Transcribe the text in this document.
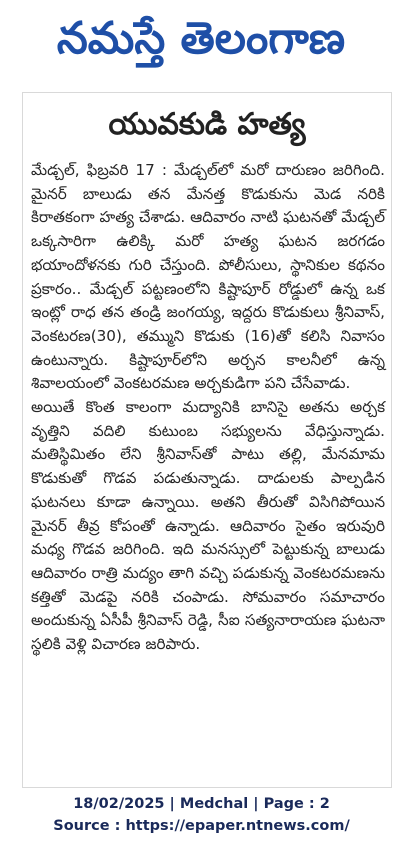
నమస్తే తెలంగాణ
యువకుడి హత్య

మేడ్చల్, ఫిబ్రవరి 17 : మేడ్చల్‌లో మరో దారుణం జరిగింది. మైనర్ బాలుడు తన మేనత్త కొడుకును మెడ నరికి కిరాతకంగా హత్య చేశాడు. ఆదివారం నాటి ఘటనతో మేడ్చల్ ఒక్కసారిగా ఉలిక్కి మరో హత్య ఘటన జరగడం భయాందోళనకు గురి చేస్తుంది. పోలీసులు, స్థానికుల కథనం ప్రకారం.. మేడ్చల్ పట్టణంలోని కిష్టాపూర్ రోడ్డులో ఉన్న ఒక ఇంట్లో రాధ తన తండ్రి జంగయ్య, ఇద్దరు కొడుకులు శ్రీనివాస్, వెంకటరణ(30), తమ్ముని కొడుకు (16)తో కలిసి నివాసం ఉంటున్నారు. కిష్టాపూర్‌లోని అర్చన కాలనీలో ఉన్న శివాలయంలో వెంకటరమణ అర్చకుడిగా పని చేసేవాడు.

అయితే కొంత కాలంగా మద్యానికి బానిసై అతను అర్చక వృత్తిని వదిలి కుటుంబ సభ్యులను వేధిస్తున్నాడు. మతిస్థిమితం లేని శ్రీనివాస్‌తో పాటు తల్లి, మేనమామ కొడుకుతో గొడవ పడుతున్నాడు. దాడులకు పాల్పడిన ఘటనలు కూడా ఉన్నాయి. అతని తీరుతో విసిగిపోయిన మైనర్ తీవ్ర కోపంతో ఉన్నాడు. ఆదివారం సైతం ఇరువురి మధ్య గొడవ జరిగింది. ఇది మనస్సులో పెట్టుకున్న బాలుడు ఆదివారం రాత్రి మద్యం తాగి వచ్చి పడుకున్న వెంకటరమణను కత్తితో మెడపై నరికి చంపాడు. సోమవారం సమాచారం అందుకున్న ఏసీపీ శ్రీనివాస్ రెడ్డి, సీఐ సత్యనారాయణ ఘటనా స్థలికి వెళ్లి విచారణ జరిపారు.

18/02/2025 | Medchal | Page : 2
Source : https://epaper.ntnews.com/
